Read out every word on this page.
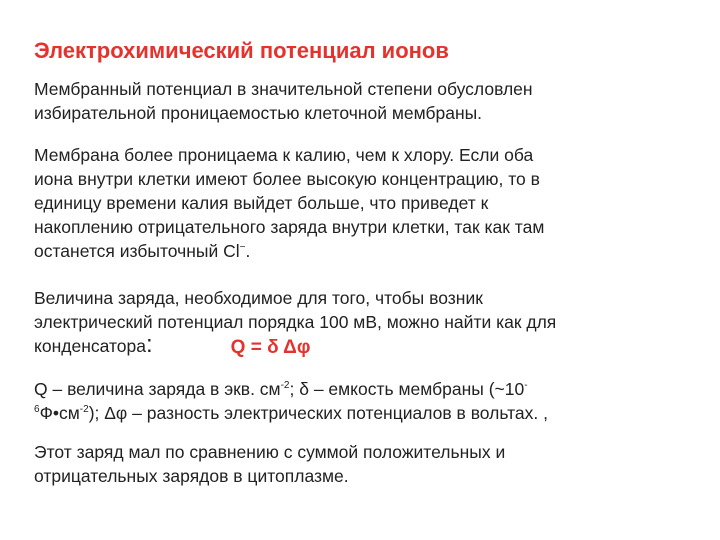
Электрохимический потенциал ионов
Мембранный потенциал в значительной степени обусловлен
избирательной проницаемостью клеточной мембраны.
Мембрана более проницаема к калию, чем к хлору. Если оба
иона внутри клетки имеют более высокую концентрацию, то в
единицу времени калия выйдет больше, что приведет к
накоплению отрицательного заряда внутри клетки, так как там
останется избыточный Cl−.
Величина заряда, необходимое для того, чтобы возник
электрический потенциал порядка 100 мВ, можно найти как для
конденсатора:	Q = δ Δφ
Q – величина заряда в экв. $см^{-2}$; δ – емкость мембраны (~10-
$^6Ф•см^{-2}$); Δφ – разность электрических потенциалов в вольтах. ,
Этот заряд мал по сравнению с суммой положительных и
отрицательных зарядов в цитоплазме.
